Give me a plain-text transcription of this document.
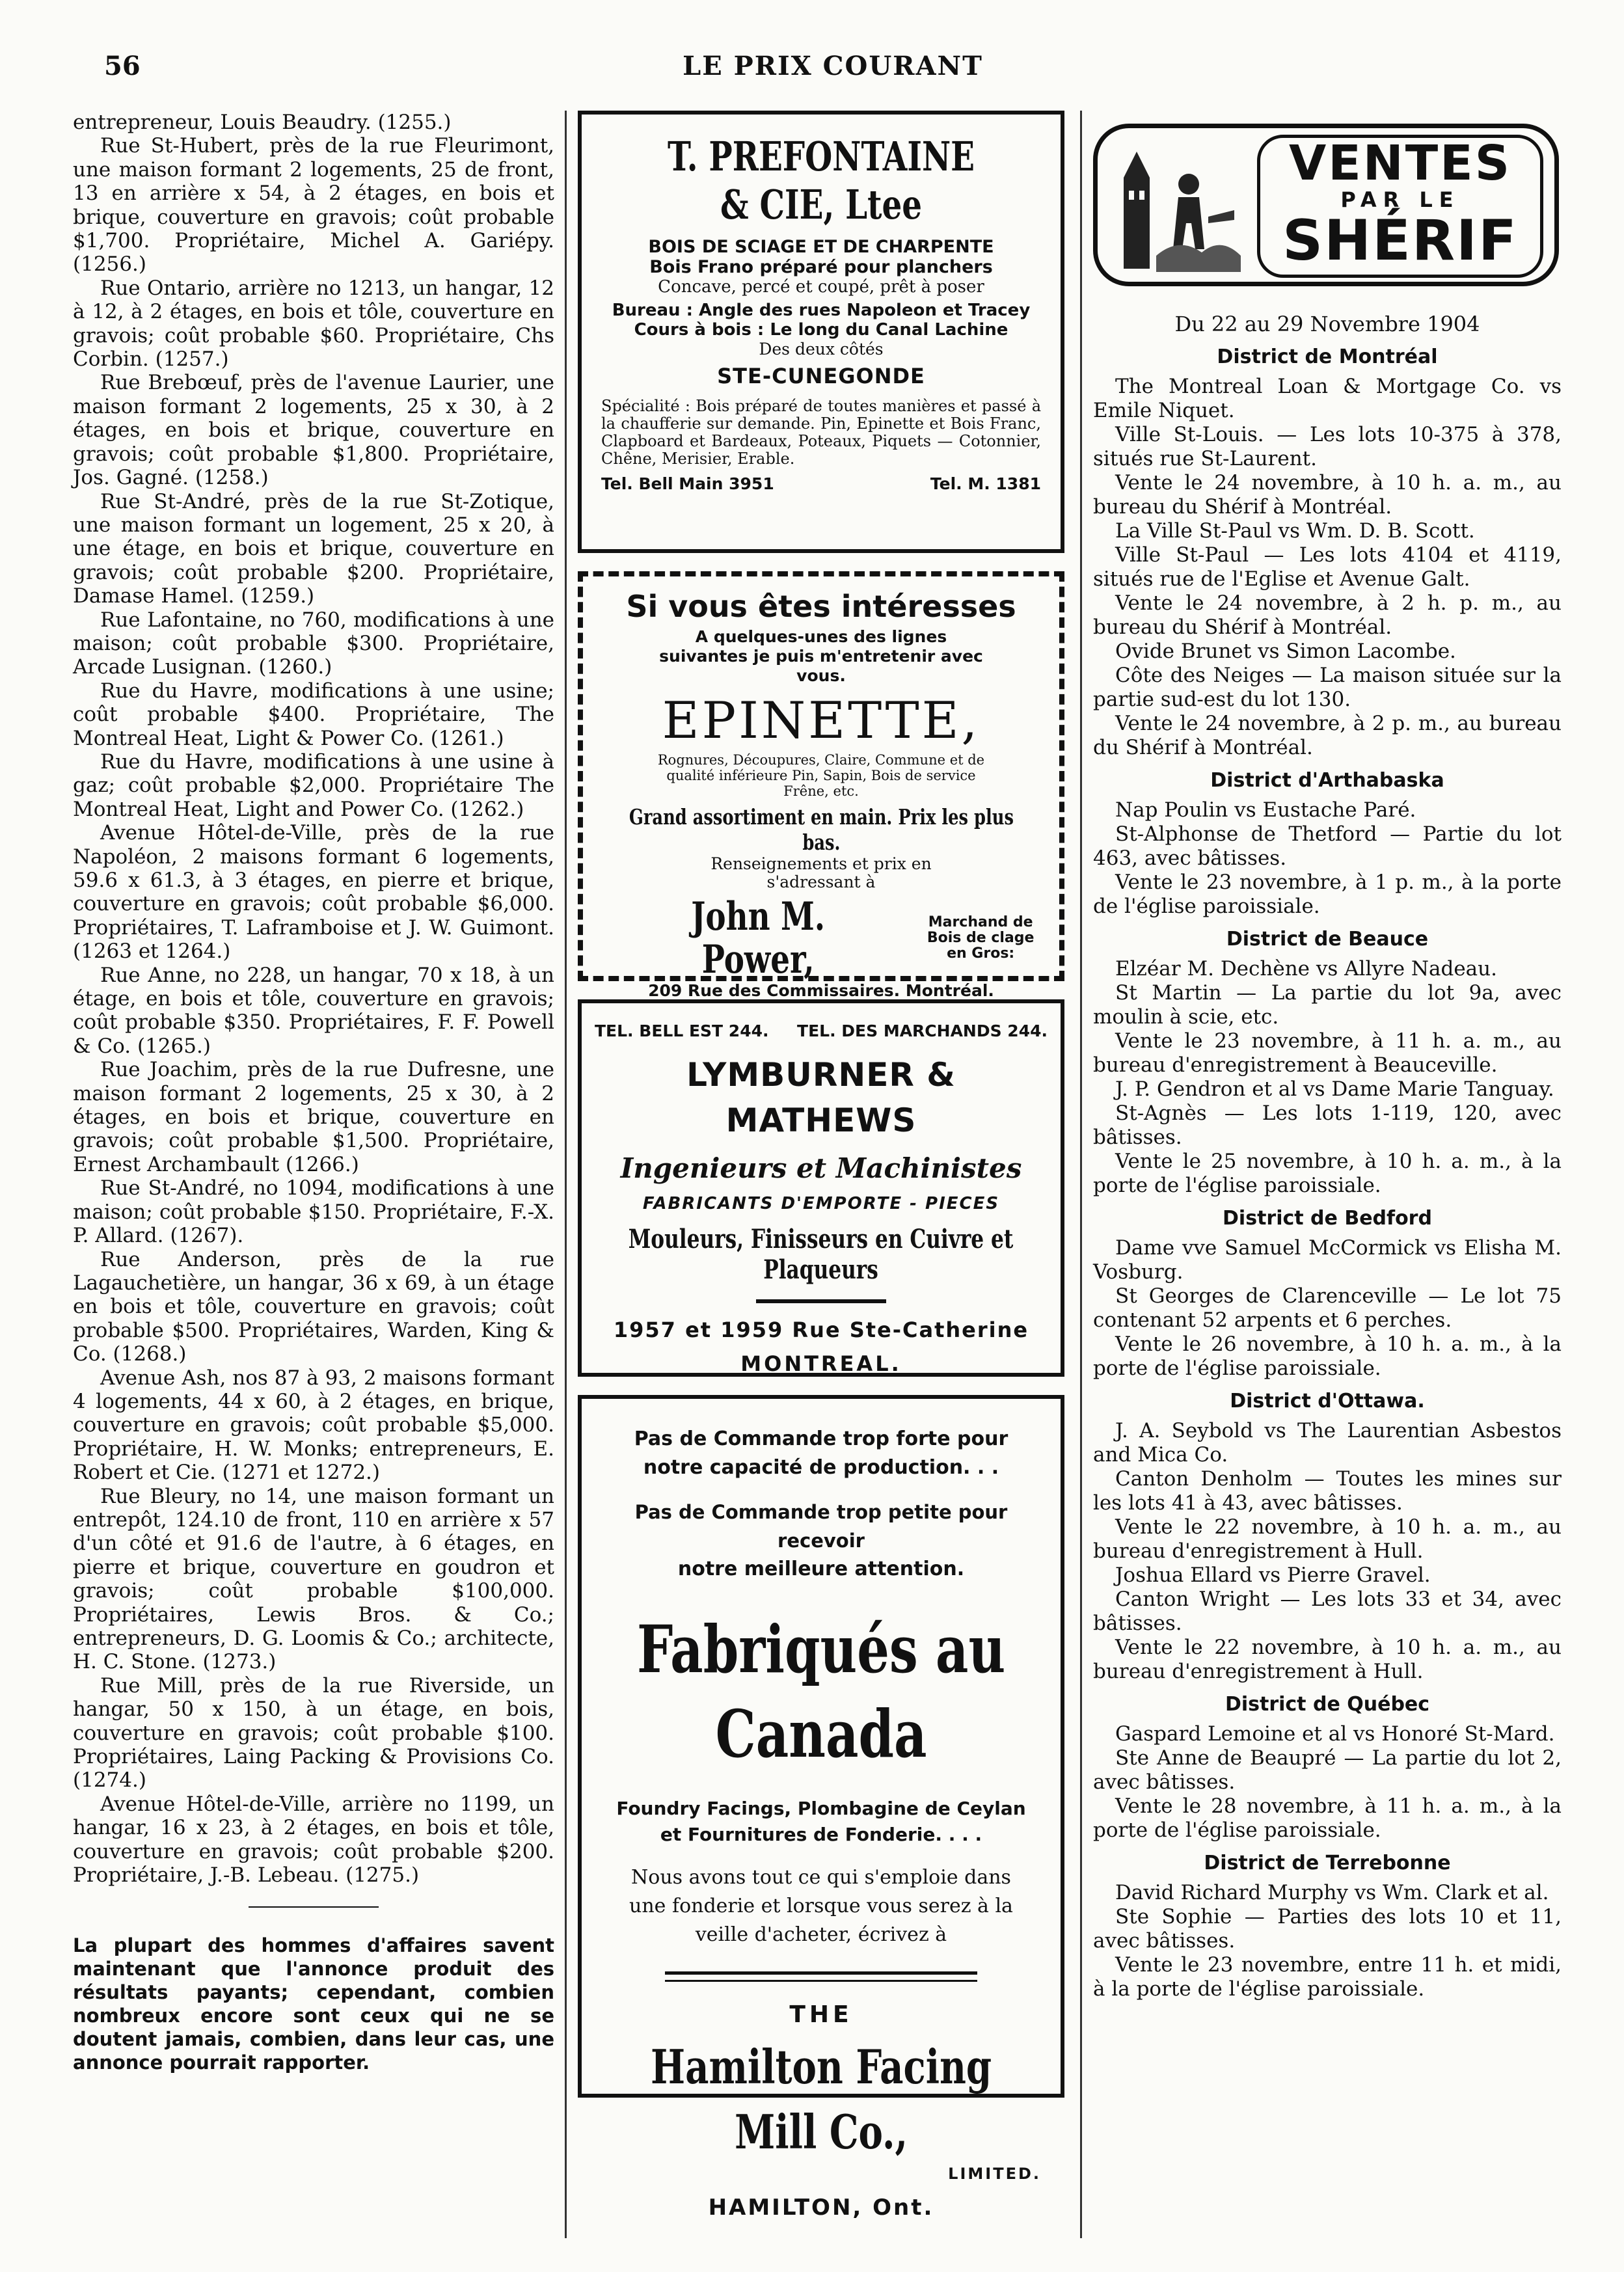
56	LE PRIX COURANT

entrepreneur, Louis Beaudry. (1255.)

Rue St-Hubert, près de la rue Fleurimont, une maison formant 2 logements, 25 de front, 13 en arrière x 54, à 2 étages, en bois et brique, couverture en gravois; coût probable $1,700. Propriétaire, Michel A. Gariépy. (1256.)

Rue Ontario, arrière no 1213, un hangar, 12 à 12, à 2 étages, en bois et tôle, couverture en gravois; coût probable $60. Propriétaire, Chs Corbin. (1257.)

Rue Brebœuf, près de l'avenue Laurier, une maison formant 2 logements, 25 x 30, à 2 étages, en bois et brique, couverture en gravois; coût probable $1,800. Propriétaire, Jos. Gagné. (1258.)

Rue St-André, près de la rue St-Zotique, une maison formant un logement, 25 x 20, à une étage, en bois et brique, couverture en gravois; coût probable $200. Propriétaire, Damase Hamel. (1259.)

Rue Lafontaine, no 760, modifications à une maison; coût probable $300. Propriétaire, Arcade Lusignan. (1260.)

Rue du Havre, modifications à une usine; coût probable $400. Propriétaire, The Montreal Heat, Light & Power Co. (1261.)

Rue du Havre, modifications à une usine à gaz; coût probable $2,000. Propriétaire The Montreal Heat, Light and Power Co. (1262.)

Avenue Hôtel-de-Ville, près de la rue Napoléon, 2 maisons formant 6 logements, 59.6 x 61.3, à 3 étages, en pierre et brique, couverture en gravois; coût probable $6,000. Propriétaires, T. Laframboise et J. W. Guimont. (1263 et 1264.)

Rue Anne, no 228, un hangar, 70 x 18, à un étage, en bois et tôle, couverture en gravois; coût probable $350. Propriétaires, F. F. Powell & Co. (1265.)

Rue Joachim, près de la rue Dufresne, une maison formant 2 logements, 25 x 30, à 2 étages, en bois et brique, couverture en gravois; coût probable $1,500. Propriétaire, Ernest Archambault (1266.)

Rue St-André, no 1094, modifications à une maison; coût probable $150. Propriétaire, F.-X. P. Allard. (1267).

Rue Anderson, près de la rue Lagauchetière, un hangar, 36 x 69, à un étage en bois et tôle, couverture en gravois; coût probable $500. Propriétaires, Warden, King & Co. (1268.)

Avenue Ash, nos 87 à 93, 2 maisons formant 4 logements, 44 x 60, à 2 étages, en brique, couverture en gravois; coût probable $5,000. Propriétaire, H. W. Monks; entrepreneurs, E. Robert et Cie. (1271 et 1272.)

Rue Bleury, no 14, une maison formant un entrepôt, 124.10 de front, 110 en arrière x 57 d'un côté et 91.6 de l'autre, à 6 étages, en pierre et brique, couverture en goudron et gravois; coût probable $100,000. Propriétaires, Lewis Bros. & Co.; entrepreneurs, D. G. Loomis & Co.; architecte, H. C. Stone. (1273.)

Rue Mill, près de la rue Riverside, un hangar, 50 x 150, à un étage, en bois, couverture en gravois; coût probable $100. Propriétaires, Laing Packing & Provisions Co. (1274.)

Avenue Hôtel-de-Ville, arrière no 1199, un hangar, 16 x 23, à 2 étages, en bois et tôle, couverture en gravois; coût probable $200. Propriétaire, J.-B. Lebeau. (1275.)

La plupart des hommes d'affaires savent maintenant que l'annonce produit des résultats payants; cependant, combien nombreux encore sont ceux qui ne se doutent jamais, combien, dans leur cas, une annonce pourrait rapporter.

T. PREFONTAINE & CIE, Ltee
BOIS DE SCIAGE ET DE CHARPENTE
Bois Frano préparé pour planchers
Concave, percé et coupé, prêt à poser
Bureau : Angle des rues Napoleon et Tracey
Cours à bois : Le long du Canal Lachine
Des deux côtés
STE-CUNEGONDE
Spécialité : Bois préparé de toutes manières et passé à la chaufferie sur demande. Pin, Epinette et Bois Franc, Clapboard et Bardeaux, Poteaux, Piquets — Cotonnier, Chêne, Merisier, Erable.
Tel. Bell Main 3951	Tel. M. 1381
Si vous êtes intéresses
A quelques-unes des lignes suivantes je puis m'entretenir avec vous.
EPINETTE,
Rognures, Découpures, Claire, Commune et de qualité inférieure Pin, Sapin, Bois de service Frêne, etc.
Grand assortiment en main. Prix les plus bas.
Renseignements et prix en s'adressant à
John M. Power,
Marchand de Bois de clage en Gros:
209 Rue des Commissaires. Montréal.
TEL. BELL EST 244. TEL. DES MARCHANDS 244.
LYMBURNER & MATHEWS
Ingenieurs et Machinistes
FABRICANTS D'EMPORTE - PIECES
Mouleurs, Finisseurs en Cuivre et Plaqueurs
1957 et 1959 Rue Ste-Catherine
MONTREAL.
Pas de Commande trop forte pour
notre capacité de production. . .
Pas de Commande trop petite pour recevoir
notre meilleure attention.
Fabriqués au Canada
Foundry Facings, Plombagine de Ceylan
et Fournitures de Fonderie. . . .
Nous avons tout ce qui s'emploie dans une fonderie et lorsque vous serez à la veille d'acheter, écrivez à
THE
Hamilton Facing Mill Co.,
LIMITED.
HAMILTON, Ont.
VENTES
PAR LE
SHÉRIF
Du 22 au 29 Novembre 1904
District de Montréal

The Montreal Loan & Mortgage Co. vs Emile Niquet.

Ville St-Louis. — Les lots 10-375 à 378, situés rue St-Laurent.

Vente le 24 novembre, à 10 h. a. m., au bureau du Shérif à Montréal.

La Ville St-Paul vs Wm. D. B. Scott.

Ville St-Paul — Les lots 4104 et 4119, situés rue de l'Eglise et Avenue Galt.

Vente le 24 novembre, à 2 h. p. m., au bureau du Shérif à Montréal.

Ovide Brunet vs Simon Lacombe.

Côte des Neiges — La maison située sur la partie sud-est du lot 130.

Vente le 24 novembre, à 2 p. m., au bureau du Shérif à Montréal.

District d'Arthabaska

Nap Poulin vs Eustache Paré.

St-Alphonse de Thetford — Partie du lot 463, avec bâtisses.

Vente le 23 novembre, à 1 p. m., à la porte de l'église paroissiale.

District de Beauce

Elzéar M. Dechène vs Allyre Nadeau.

St Martin — La partie du lot 9a, avec moulin à scie, etc.

Vente le 23 novembre, à 11 h. a. m., au bureau d'enregistrement à Beauceville.

J. P. Gendron et al vs Dame Marie Tanguay.

St-Agnès — Les lots 1-119, 120, avec bâtisses.

Vente le 25 novembre, à 10 h. a. m., à la porte de l'église paroissiale.

District de Bedford

Dame vve Samuel McCormick vs Elisha M. Vosburg.

St Georges de Clarenceville — Le lot 75 contenant 52 arpents et 6 perches.

Vente le 26 novembre, à 10 h. a. m., à la porte de l'église paroissiale.

District d'Ottawa.

J. A. Seybold vs The Laurentian Asbestos and Mica Co.

Canton Denholm — Toutes les mines sur les lots 41 à 43, avec bâtisses.

Vente le 22 novembre, à 10 h. a. m., au bureau d'enregistrement à Hull.

Joshua Ellard vs Pierre Gravel.

Canton Wright — Les lots 33 et 34, avec bâtisses.

Vente le 22 novembre, à 10 h. a. m., au bureau d'enregistrement à Hull.

District de Québec

Gaspard Lemoine et al vs Honoré St-Mard.

Ste Anne de Beaupré — La partie du lot 2, avec bâtisses.

Vente le 28 novembre, à 11 h. a. m., à la porte de l'église paroissiale.

District de Terrebonne

David Richard Murphy vs Wm. Clark et al.

Ste Sophie — Parties des lots 10 et 11, avec bâtisses.

Vente le 23 novembre, entre 11 h. et midi, à la porte de l'église paroissiale.
